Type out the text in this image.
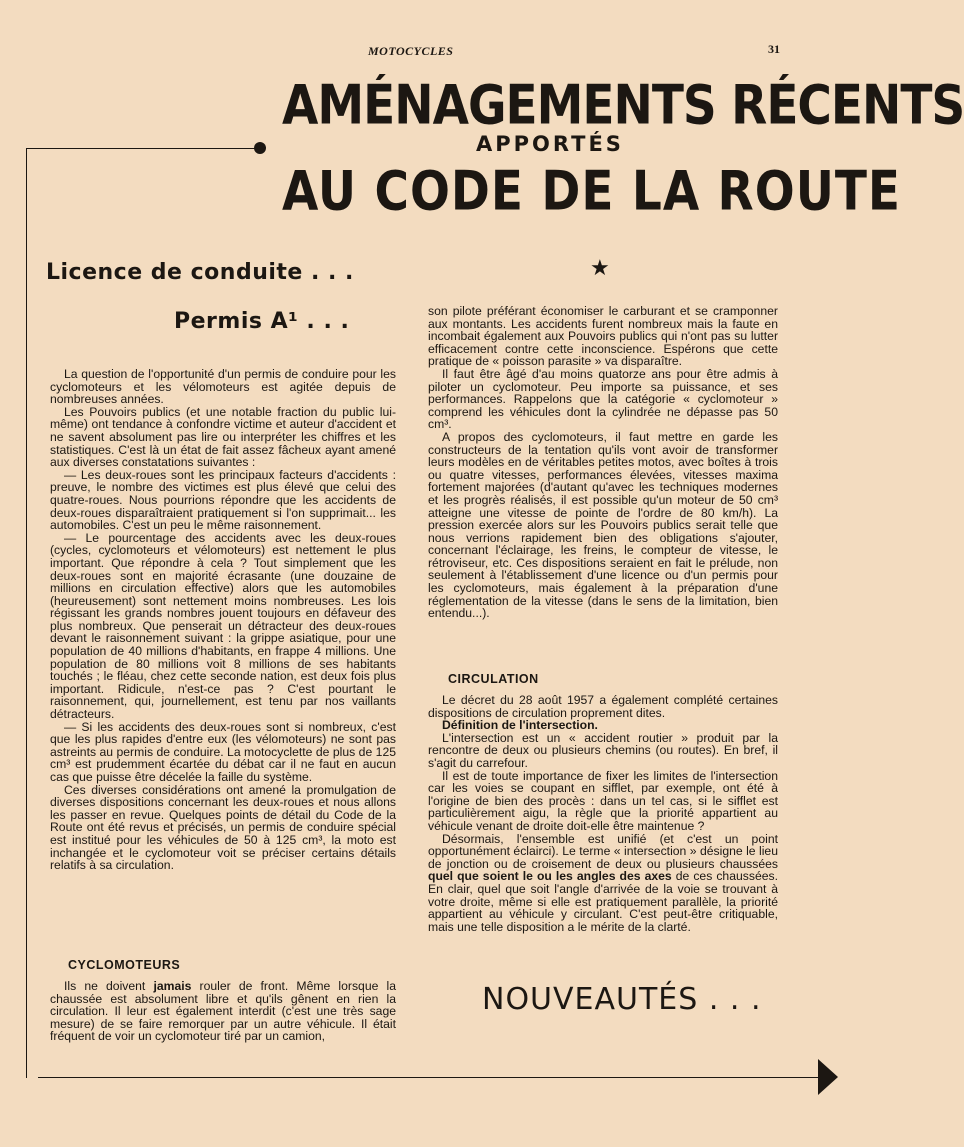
MOTOCYCLES	31
AMÉNAGEMENTS RÉCENTS
APPORTÉS
AU CODE DE LA ROUTE
★
Licence de conduite . . .
Permis A¹ . . .

La question de l'opportunité d'un permis de conduire pour les cyclomoteurs et les vélomoteurs est agitée depuis de nombreuses années.

Les Pouvoirs publics (et une notable fraction du public lui-même) ont tendance à confondre victime et auteur d'accident et ne savent absolument pas lire ou interpréter les chiffres et les statistiques. C'est là un état de fait assez fâcheux ayant amené aux diverses constatations suivantes :

— Les deux-roues sont les principaux facteurs d'accidents : preuve, le nombre des victimes est plus élevé que celui des quatre-roues. Nous pourrions répondre que les accidents de deux-roues disparaîtraient pratiquement si l'on supprimait... les automobiles. C'est un peu le même raisonnement.

— Le pourcentage des accidents avec les deux-roues (cycles, cyclomoteurs et vélomoteurs) est nettement le plus important. Que répondre à cela ? Tout simplement que les deux-roues sont en majorité écrasante (une douzaine de millions en circulation effective) alors que les automobiles (heureusement) sont nettement moins nombreuses. Les lois régissant les grands nombres jouent toujours en défaveur des plus nombreux. Que penserait un détracteur des deux-roues devant le raisonnement suivant : la grippe asiatique, pour une population de 40 millions d'habitants, en frappe 4 millions. Une population de 80 millions voit 8 millions de ses habitants touchés ; le fléau, chez cette seconde nation, est deux fois plus important. Ridicule, n'est-ce pas ? C'est pourtant le raisonnement, qui, journellement, est tenu par nos vaillants détracteurs.

— Si les accidents des deux-roues sont si nombreux, c'est que les plus rapides d'entre eux (les vélomoteurs) ne sont pas astreints au permis de conduire. La motocyclette de plus de 125 cm³ est prudemment écartée du débat car il ne faut en aucun cas que puisse être décelée la faille du système.

Ces diverses considérations ont amené la promulgation de diverses dispositions concernant les deux-roues et nous allons les passer en revue. Quelques points de détail du Code de la Route ont été revus et précisés, un permis de conduire spécial est institué pour les véhicules de 50 à 125 cm³, la moto est inchangée et le cyclomoteur voit se préciser certains détails relatifs à sa circulation.

CYCLOMOTEURS

Ils ne doivent jamais rouler de front. Même lorsque la chaussée est absolument libre et qu'ils gênent en rien la circulation. Il leur est également interdit (c'est une très sage mesure) de se faire remorquer par un autre véhicule. Il était fréquent de voir un cyclomoteur tiré par un camion,

son pilote préférant économiser le carburant et se cramponner aux montants. Les accidents furent nombreux mais la faute en incombait également aux Pouvoirs publics qui n'ont pas su lutter efficacement contre cette inconscience. Espérons que cette pratique de « poisson parasite » va disparaître.

Il faut être âgé d'au moins quatorze ans pour être admis à piloter un cyclomoteur. Peu importe sa puissance, et ses performances. Rappelons que la catégorie « cyclomoteur » comprend les véhicules dont la cylindrée ne dépasse pas 50 cm³.

A propos des cyclomoteurs, il faut mettre en garde les constructeurs de la tentation qu'ils vont avoir de transformer leurs modèles en de véritables petites motos, avec boîtes à trois ou quatre vitesses, performances élevées, vitesses maxima fortement majorées (d'autant qu'avec les techniques modernes et les progrès réalisés, il est possible qu'un moteur de 50 cm³ atteigne une vitesse de pointe de l'ordre de 80 km/h). La pression exercée alors sur les Pouvoirs publics serait telle que nous verrions rapidement bien des obligations s'ajouter, concernant l'éclairage, les freins, le compteur de vitesse, le rétroviseur, etc. Ces dispositions seraient en fait le prélude, non seulement à l'établissement d'une licence ou d'un permis pour les cyclomoteurs, mais également à la préparation d'une réglementation de la vitesse (dans le sens de la limitation, bien entendu...).

CIRCULATION

Le décret du 28 août 1957 a également complété certaines dispositions de circulation proprement dites.

Définition de l'intersection.

L'intersection est un « accident routier » produit par la rencontre de deux ou plusieurs chemins (ou routes). En bref, il s'agit du carrefour.

Il est de toute importance de fixer les limites de l'intersection car les voies se coupant en sifflet, par exemple, ont été à l'origine de bien des procès : dans un tel cas, si le sifflet est particulièrement aigu, la règle que la priorité appartient au véhicule venant de droite doit-elle être maintenue ?

Désormais, l'ensemble est unifié (et c'est un point opportunément éclairci). Le terme « intersection » désigne le lieu de jonction ou de croisement de deux ou plusieurs chaussées quel que soient le ou les angles des axes de ces chaussées. En clair, quel que soit l'angle d'arrivée de la voie se trouvant à votre droite, même si elle est pratiquement parallèle, la priorité appartient au véhicule y circulant. C'est peut-être critiquable, mais une telle disposition a le mérite de la clarté.

NOUVEAUTÉS . . .
